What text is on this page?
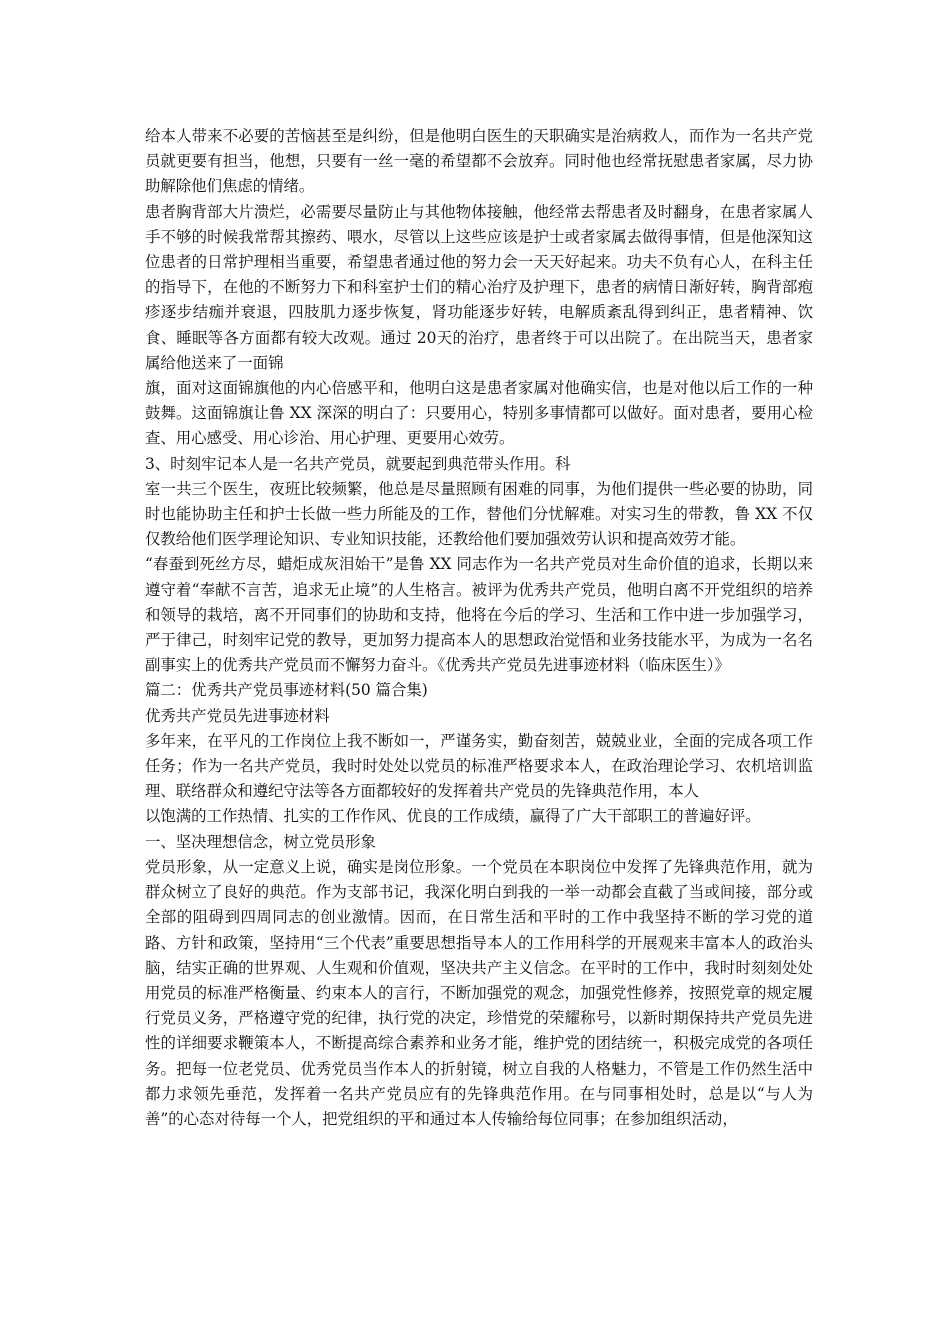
给本人带来不必要的苦恼甚至是纠纷，但是他明白医生的天职确实是治病救人，而作为一名共产党员就更要有担当，他想，只要有一丝一毫的希望都不会放弃。同时他也经常抚慰患者家属，尽力协助解除他们焦虑的情绪。

患者胸背部大片溃烂，必需要尽量防止与其他物体接触，他经常去帮患者及时翻身，在患者家属人手不够的时候我常帮其擦药、喂水，尽管以上这些应该是护士或者家属去做得事情，但是他深知这位患者的日常护理相当重要，希望患者通过他的努力会一天天好起来。功夫不负有心人，在科主任的指导下，在他的不断努力下和科室护士们的精心治疗及护理下，患者的病情日渐好转，胸背部疱疹逐步结痂并衰退，四肢肌力逐步恢复，肾功能逐步好转，电解质紊乱得到纠正，患者精神、饮食、睡眠等各方面都有较大改观。通过 20天的治疗，患者终于可以出院了。在出院当天，患者家属给他送来了一面锦

旗，面对这面锦旗他的内心倍感平和，他明白这是患者家属对他确实信，也是对他以后工作的一种鼓舞。这面锦旗让鲁 XX 深深的明白了：只要用心，特别多事情都可以做好。面对患者，要用心检查、用心感受、用心诊治、用心护理、更要用心效劳。

3、时刻牢记本人是一名共产党员，就要起到典范带头作用。科

室一共三个医生，夜班比较频繁，他总是尽量照顾有困难的同事，为他们提供一些必要的协助，同时也能协助主任和护士长做一些力所能及的工作，替他们分忧解难。对实习生的带教，鲁 XX 不仅仅教给他们医学理论知识、专业知识技能，还教给他们要加强效劳认识和提高效劳才能。

“春蚕到死丝方尽，蜡炬成灰泪始干”是鲁 XX 同志作为一名共产党员对生命价值的追求，长期以来遵守着“奉献不言苦，追求无止境”的人生格言。被评为优秀共产党员，他明白离不开党组织的培养和领导的栽培，离不开同事们的协助和支持，他将在今后的学习、生活和工作中进一步加强学习，严于律己，时刻牢记党的教导，更加努力提高本人的思想政治觉悟和业务技能水平，为成为一名名副事实上的优秀共产党员而不懈努力奋斗。《优秀共产党员先进事迹材料（临床医生）》

篇二：优秀共产党员事迹材料(50 篇合集)

优秀共产党员先进事迹材料

多年来，在平凡的工作岗位上我不断如一，严谨务实，勤奋刻苦，兢兢业业，全面的完成各项工作任务；作为一名共产党员，我时时处处以党员的标准严格要求本人，在政治理论学习、农机培训监理、联络群众和遵纪守法等各方面都较好的发挥着共产党员的先锋典范作用，本人

以饱满的工作热情、扎实的工作作风、优良的工作成绩，赢得了广大干部职工的普遍好评。

一、坚决理想信念，树立党员形象

党员形象，从一定意义上说，确实是岗位形象。一个党员在本职岗位中发挥了先锋典范作用，就为群众树立了良好的典范。作为支部书记，我深化明白到我的一举一动都会直截了当或间接，部分或全部的阻碍到四周同志的创业激情。因而，在日常生活和平时的工作中我坚持不断的学习党的道路、方针和政策，坚持用“三个代表”重要思想指导本人的工作用科学的开展观来丰富本人的政治头脑，结实正确的世界观、人生观和价值观，坚决共产主义信念。在平时的工作中，我时时刻刻处处用党员的标准严格衡量、约束本人的言行，不断加强党的观念，加强党性修养，按照党章的规定履行党员义务，严格遵守党的纪律，执行党的决定，珍惜党的荣耀称号，以新时期保持共产党员先进性的详细要求鞭策本人，不断提高综合素养和业务才能，维护党的团结统一，积极完成党的各项任务。把每一位老党员、优秀党员当作本人的折射镜，树立自我的人格魅力，不管是工作仍然生活中都力求领先垂范，发挥着一名共产党员应有的先锋典范作用。在与同事相处时，总是以“与人为善”的心态对待每一个人，把党组织的平和通过本人传输给每位同事；在参加组织活动，
